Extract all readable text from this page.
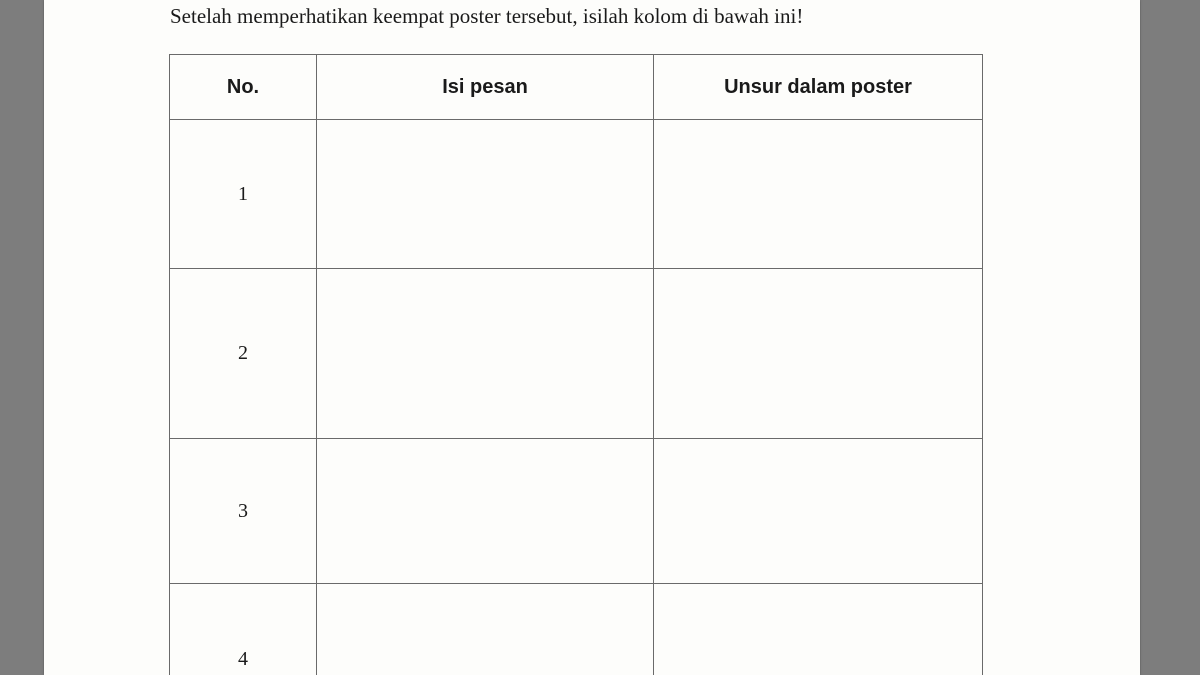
Setelah memperhatikan keempat poster tersebut, isilah kolom di bawah ini!
No.	Isi pesan	Unsur dalam poster
1		
2		
3		
4		
